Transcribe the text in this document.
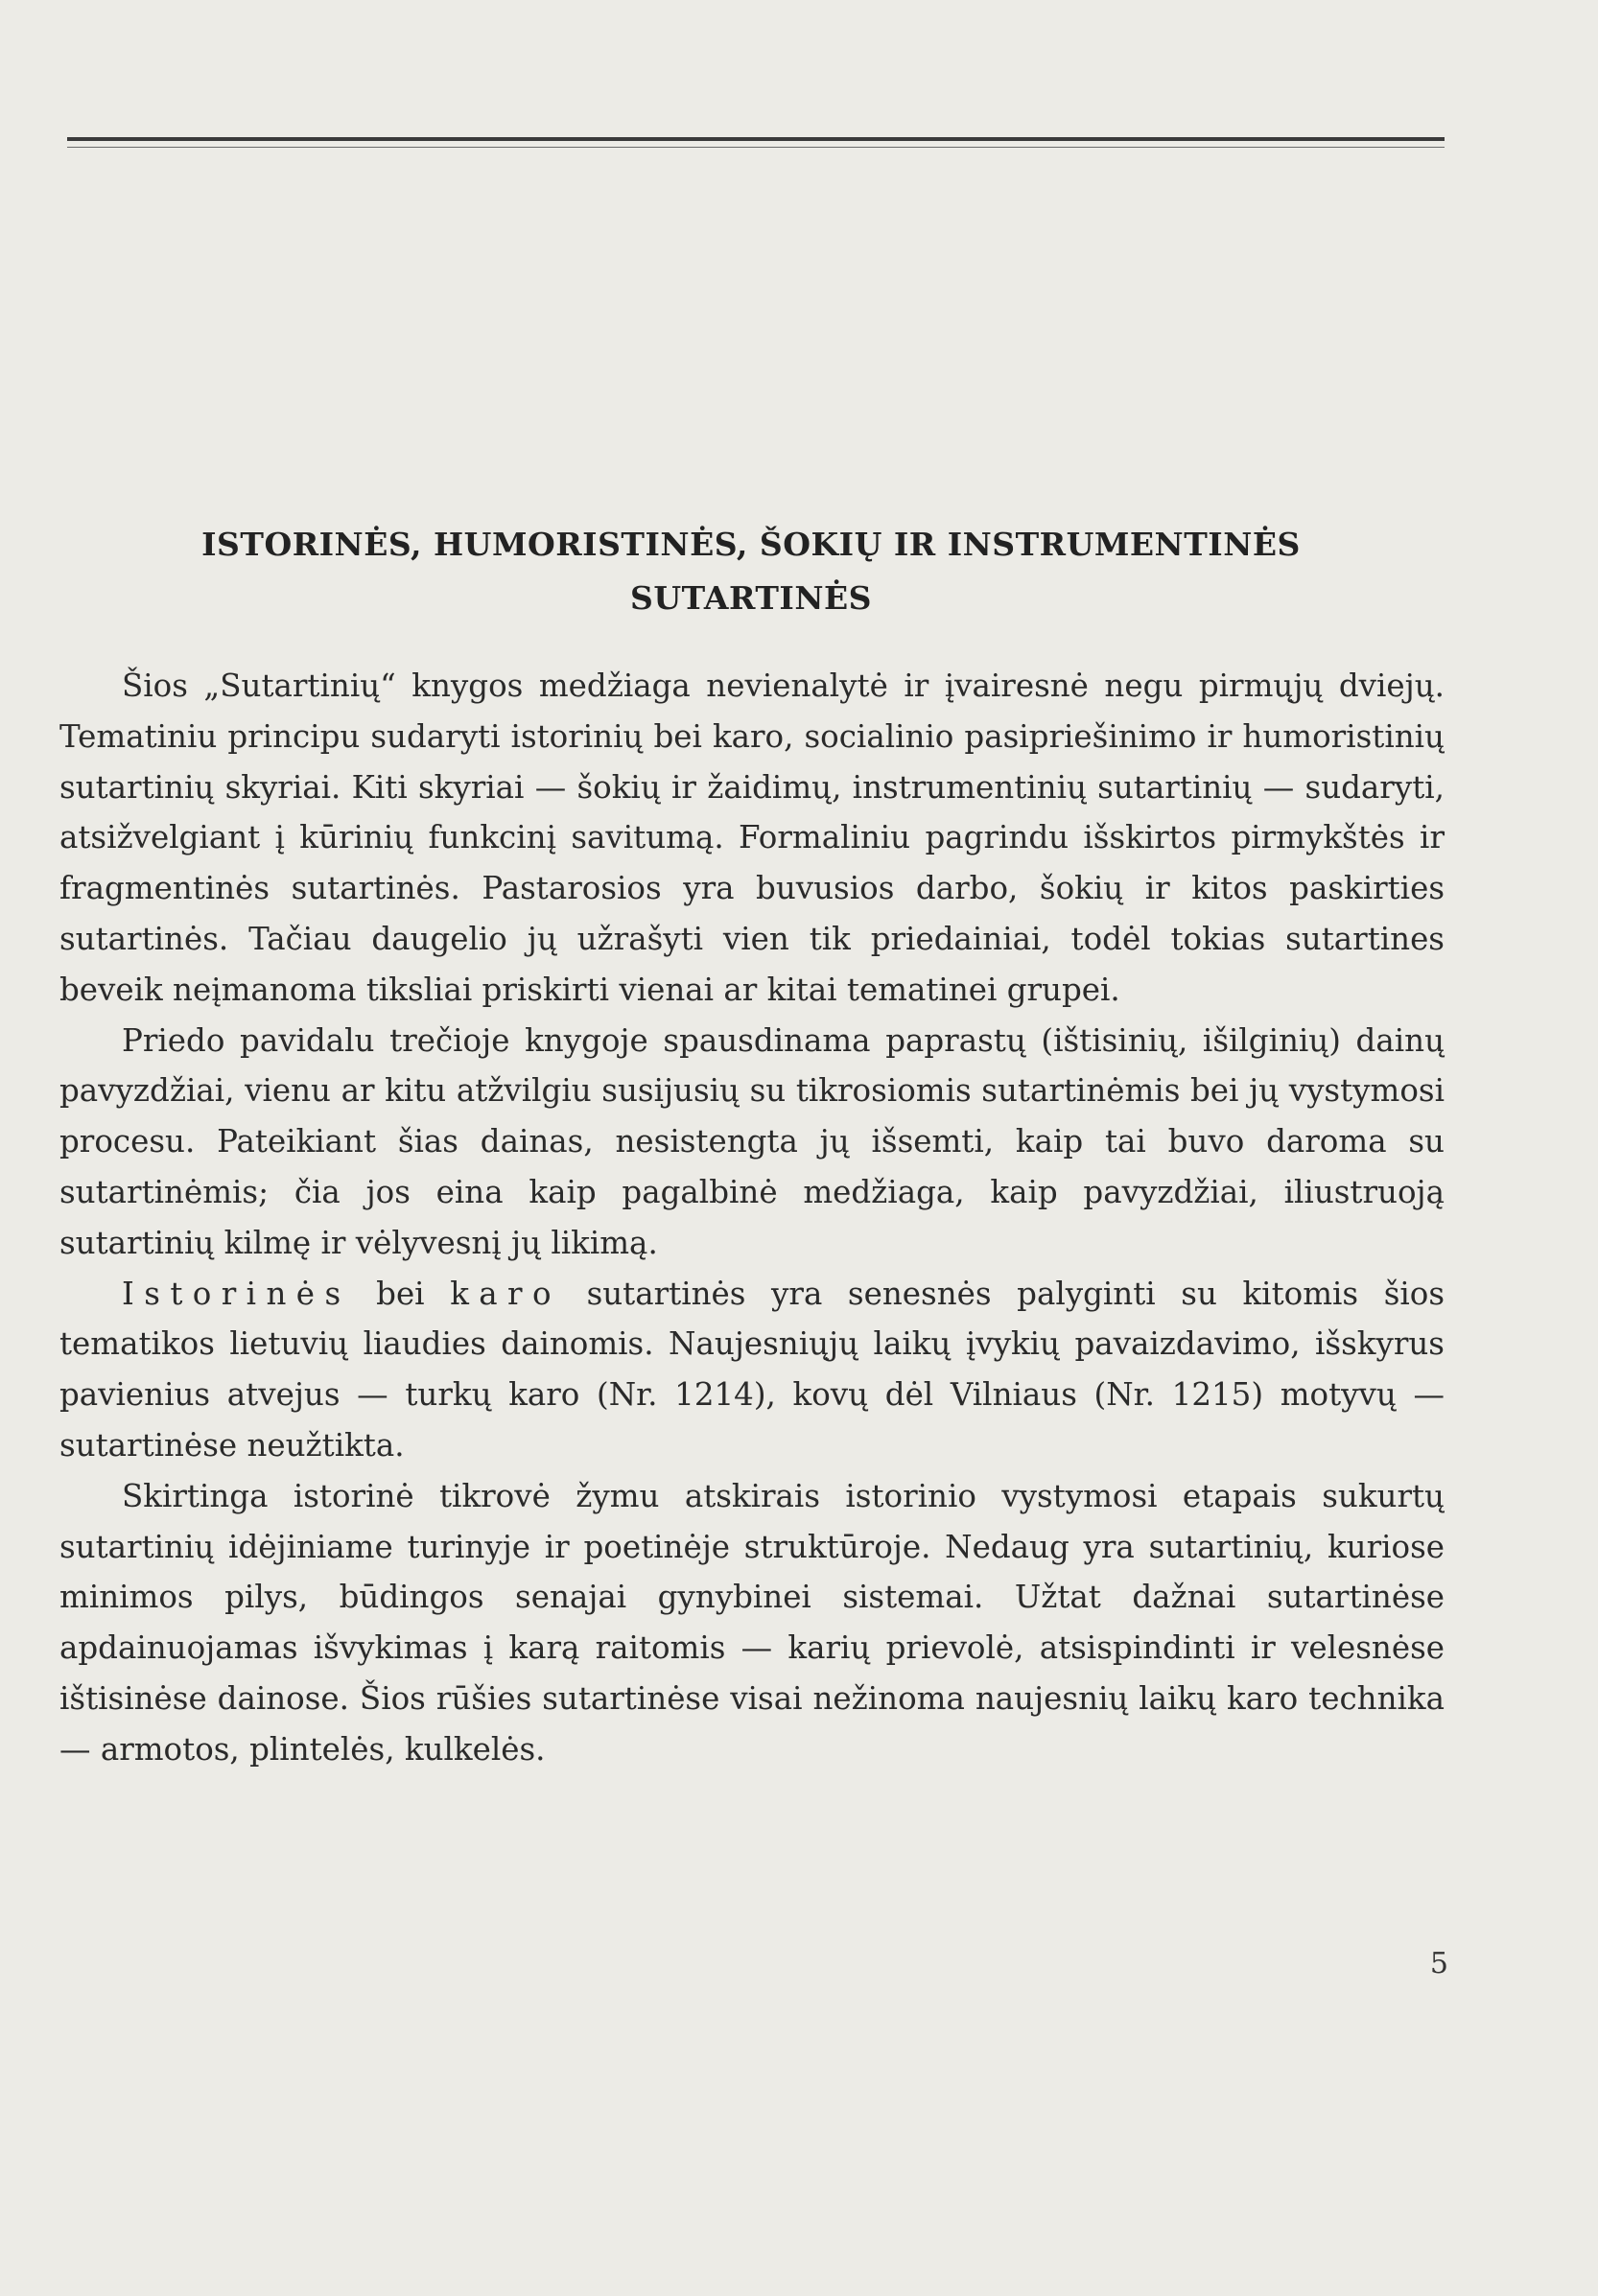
ISTORINĖS, HUMORISTINĖS, ŠOKIŲ IR INSTRUMENTINĖS
SUTARTINĖS

Šios „Sutartinių“ knygos medžiaga nevienalytė ir įvairesnė negu pirmųjų dviejų. Tematiniu principu sudaryti istorinių bei karo, socialinio pasipriešinimo ir humoristinių sutartinių skyriai. Kiti skyriai — šokių ir žaidimų, instrumentinių sutartinių — sudaryti, atsižvelgiant į kūrinių funkcinį savitumą. Formaliniu pagrindu išskirtos pirmykštės ir fragmentinės sutartinės. Pastarosios yra buvusios darbo, šokių ir kitos paskirties sutartinės. Tačiau daugelio jų užrašyti vien tik priedainiai, todėl tokias sutartines beveik neįmanoma tiksliai priskirti vienai ar kitai tematinei grupei.

Priedo pavidalu trečioje knygoje spausdinama paprastų (ištisinių, išilginių) dainų pavyzdžiai, vienu ar kitu atžvilgiu susijusių su tikrosiomis sutartinėmis bei jų vystymosi procesu. Pateikiant šias dainas, nesistengta jų išsemti, kaip tai buvo daroma su sutartinėmis; čia jos eina kaip pagalbinė medžiaga, kaip pavyzdžiai, iliustruoją sutartinių kilmę ir vėlyvesnį jų likimą.

Istorinės bei karo sutartinės yra senesnės palyginti su kitomis šios tematikos lietuvių liaudies dainomis. Naujesniųjų laikų įvykių pavaizdavimo, išskyrus pavienius atvejus — turkų karo (Nr. 1214), kovų dėl Vilniaus (Nr. 1215) motyvų — sutartinėse neužtikta.

Skirtinga istorinė tikrovė žymu atskirais istorinio vystymosi etapais sukurtų sutartinių idėjiniame turinyje ir poetinėje struktūroje. Nedaug yra sutartinių, kuriose minimos pilys, būdingos senajai gynybinei sistemai. Užtat dažnai sutartinėse apdainuojamas išvykimas į karą raitomis — karių prievolė, atsispindinti ir velesnėse ištisinėse dainose. Šios rūšies sutartinėse visai nežinoma naujesnių laikų karo technika — armotos, plintelės, kulkelės.

5
